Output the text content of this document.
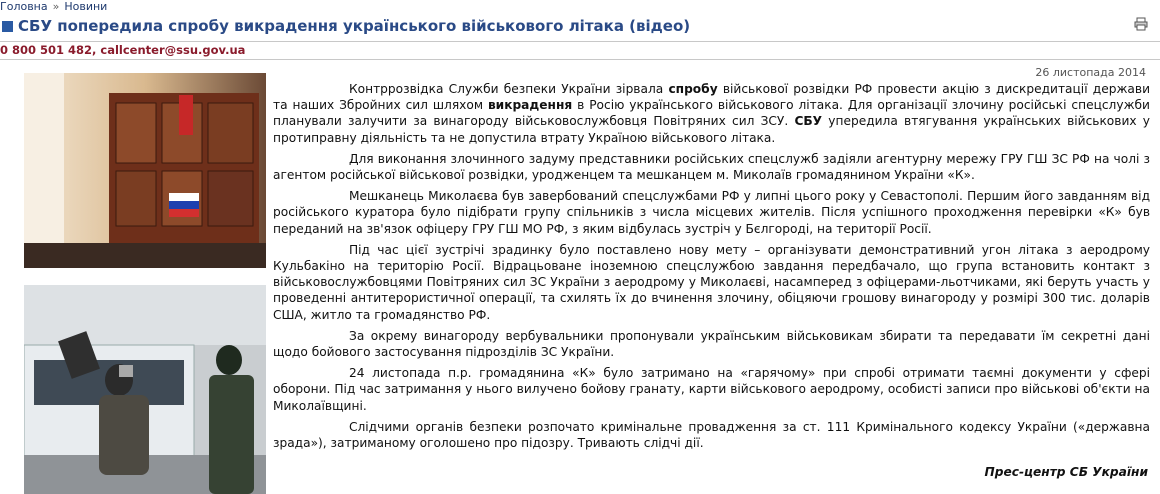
Головна » Новини
СБУ попередила спробу викрадення українського військового літака (відео)
0 800 501 482, callcenter@ssu.gov.ua
26 листопада 2014

Контррозвідка Служби безпеки України зірвала спробу військової розвідки РФ провести акцію з дискредитації держави та наших Збройних сил шляхом викрадення в Росію українського військового літака. Для організації злочину російські спецслужби планували залучити за винагороду військовослужбовця Повітряних сил ЗСУ. СБУ упередила втягування українських військових у протиправну діяльність та не допустила втрату Україною військового літака.

Для виконання злочинного задуму представники російських спецслужб задіяли агентурну мережу ГРУ ГШ ЗС РФ на чолі з агентом російської військової розвідки, уродженцем та мешканцем м. Миколаїв громадянином України «К».

Мешканець Миколаєва був завербований спецслужбами РФ у липні цього року у Севастополі. Першим його завданням від російського куратора було підібрати групу спільників з числа місцевих жителів. Після успішного проходження перевірки «К» був переданий на зв'язок офіцеру ГРУ ГШ МО РФ, з яким відбулась зустріч у Бєлгороді, на території Росії.

Під час цієї зустрічі зрадинку було поставлено нову мету – організувати демонстративний угон літака з аеродрому Кульбакіно на територію Росії. Відрацьоване іноземною спецслужбою завдання передбачало, що група встановить контакт з військовослужбовцями Повітряних сил ЗС України з аеродрому у Миколаєві, насамперед з офіцерами-льотчиками, які беруть участь у проведенні антитерористичної операції, та схилять їх до вчинення злочину, обіцяючи грошову винагороду у розмірі 300 тис. доларів США, житло та громадянство РФ.

За окрему винагороду вербувальники пропонували українським військовикам збирати та передавати їм секретні дані щодо бойового застосування підрозділів ЗС України.

24 листопада п.р. громадянина «К» було затримано на «гарячому» при спробі отримати таємні документи у сфері оборони. Під час затримання у нього вилучено бойову гранату, карти військового аеродрому, особисті записи про військові об'єкти на Миколаївщині.

Слідчими органів безпеки розпочато кримінальне провадження за ст. 111 Кримінального кодексу України («державна зрада»), затриманому оголошено про підозру. Тривають слідчі дії.

Прес-центр СБ України
